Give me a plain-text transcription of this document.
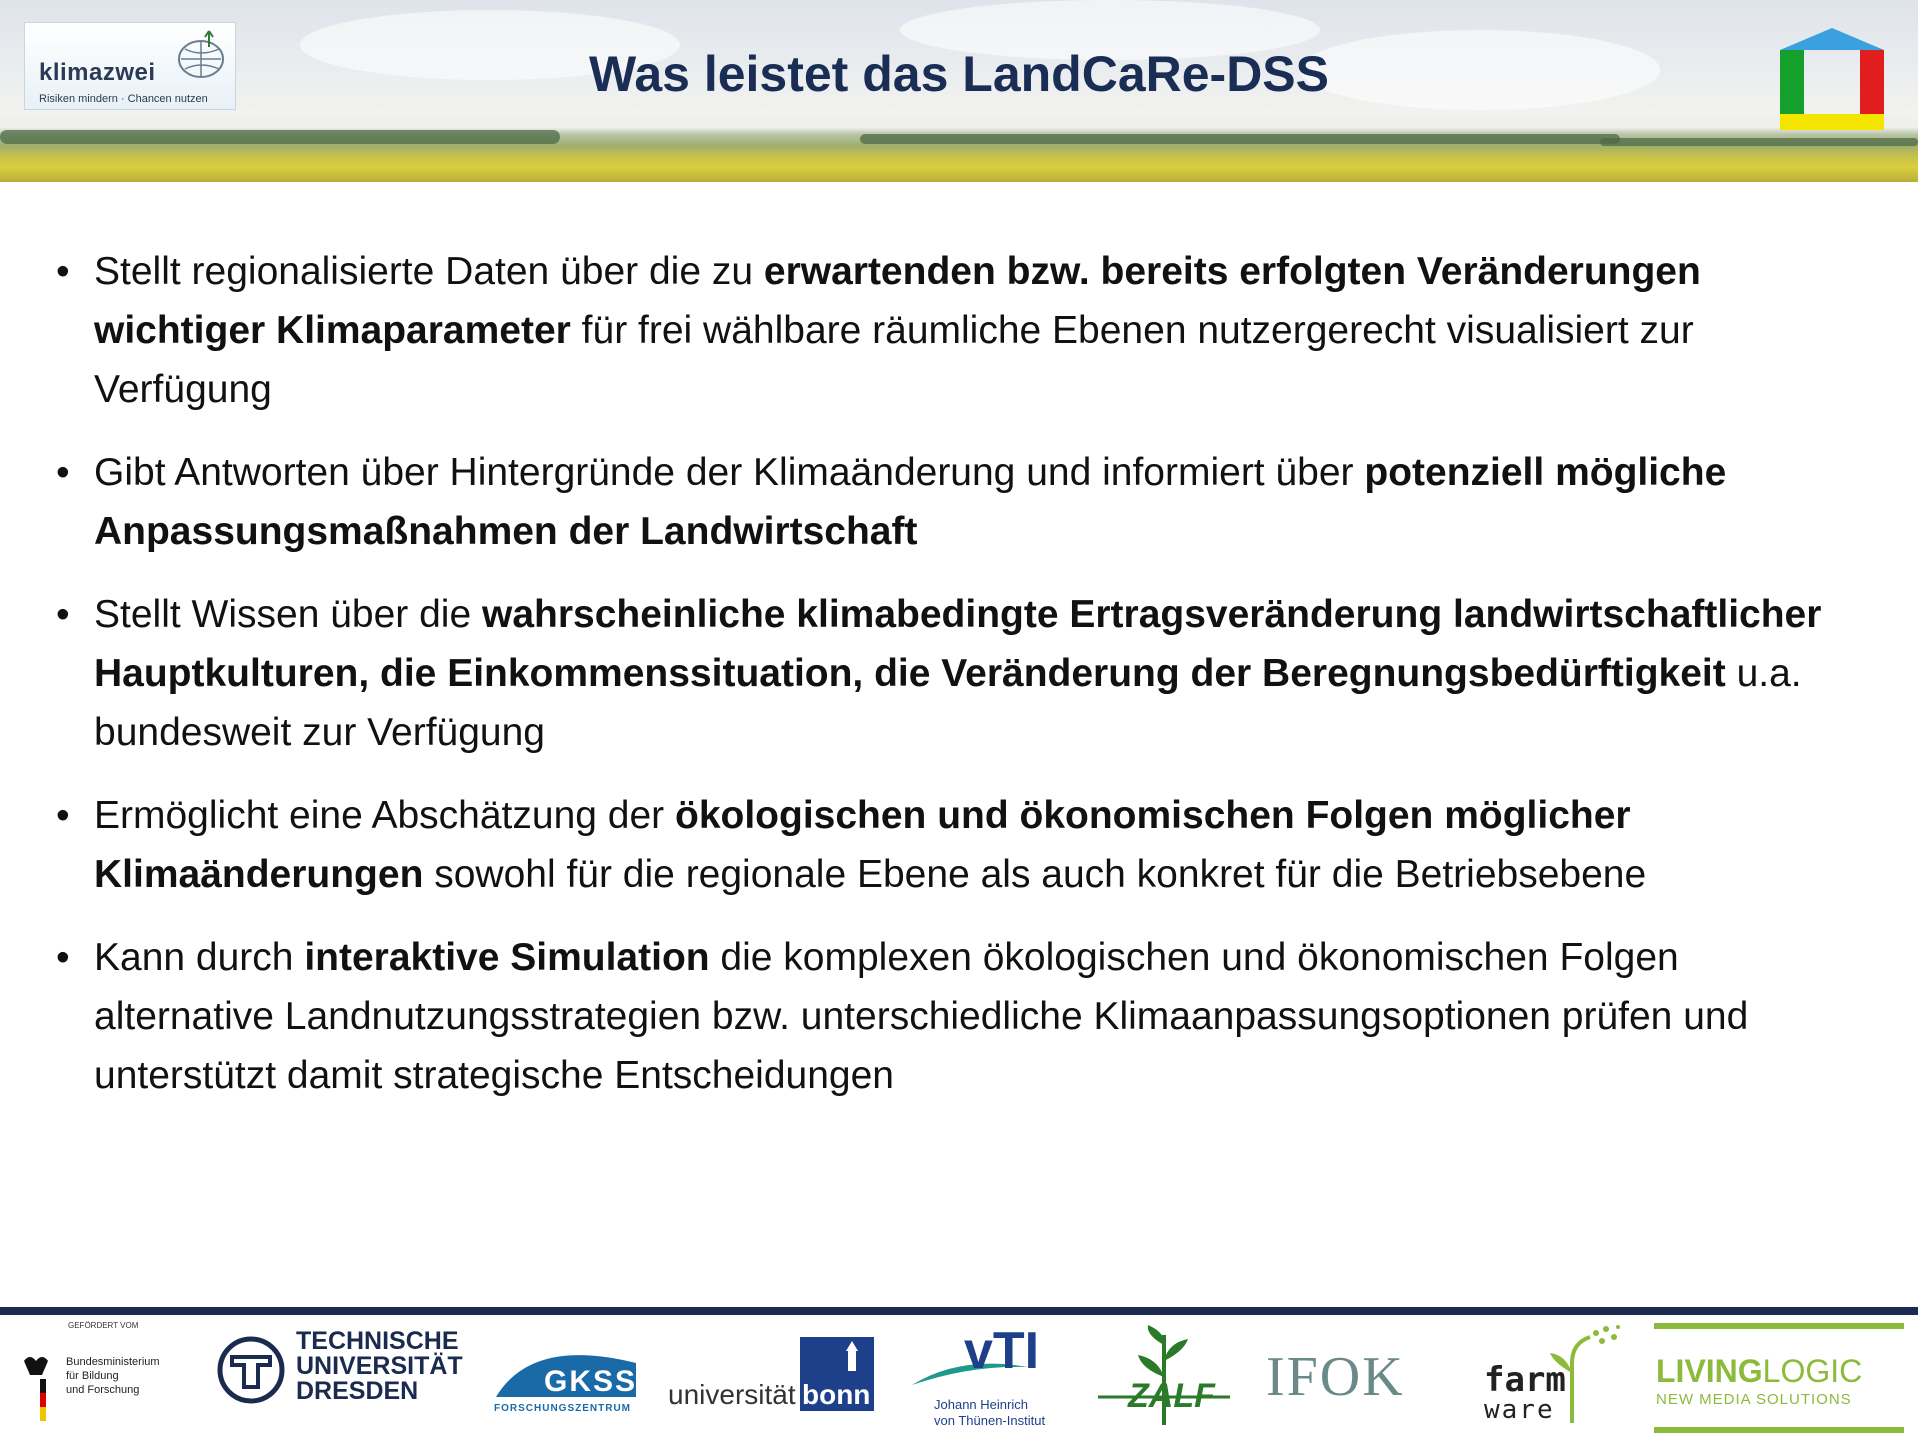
klimazwei
Risiken mindern · Chancen nutzen	Was leistet das LandCaRe-DSS
• Stellt regionalisierte Daten über die zu erwartenden bzw. bereits erfolgten Veränderungen wichtiger Klimaparameter für frei wählbare räumliche Ebenen nutzergerecht visualisiert zur Verfügung
• Gibt Antworten über Hintergründe der Klimaänderung und informiert über potenziell mögliche Anpassungsmaßnahmen der Landwirtschaft
• Stellt Wissen über die wahrscheinliche klimabedingte Ertragsveränderung landwirtschaftlicher Hauptkulturen, die Einkommenssituation, die Veränderung der Beregnungsbedürftigkeit u.a. bundesweit zur Verfügung
• Ermöglicht eine Abschätzung der ökologischen und ökonomischen Folgen möglicher Klimaänderungen sowohl für die regionale Ebene als auch konkret für die Betriebsebene
• Kann durch interaktive Simulation die komplexen ökologischen und ökonomischen Folgen alternative Landnutzungsstrategien bzw. unterschiedliche Klimaanpassungsoptionen prüfen und unterstützt damit strategische Entscheidungen
GEFÖRDERT VOM
Bundesministerium
für Bildung
und Forschung
TECHNISCHE
UNIVERSITÄT
DRESDEN	GKSS
FORSCHUNGSZENTRUM universität bonn
vTI
Johann Heinrich
von Thünen-Institut
ZALF IFOK	farm
ware
LIVINGLOGIC
NEW MEDIA SOLUTIONS
